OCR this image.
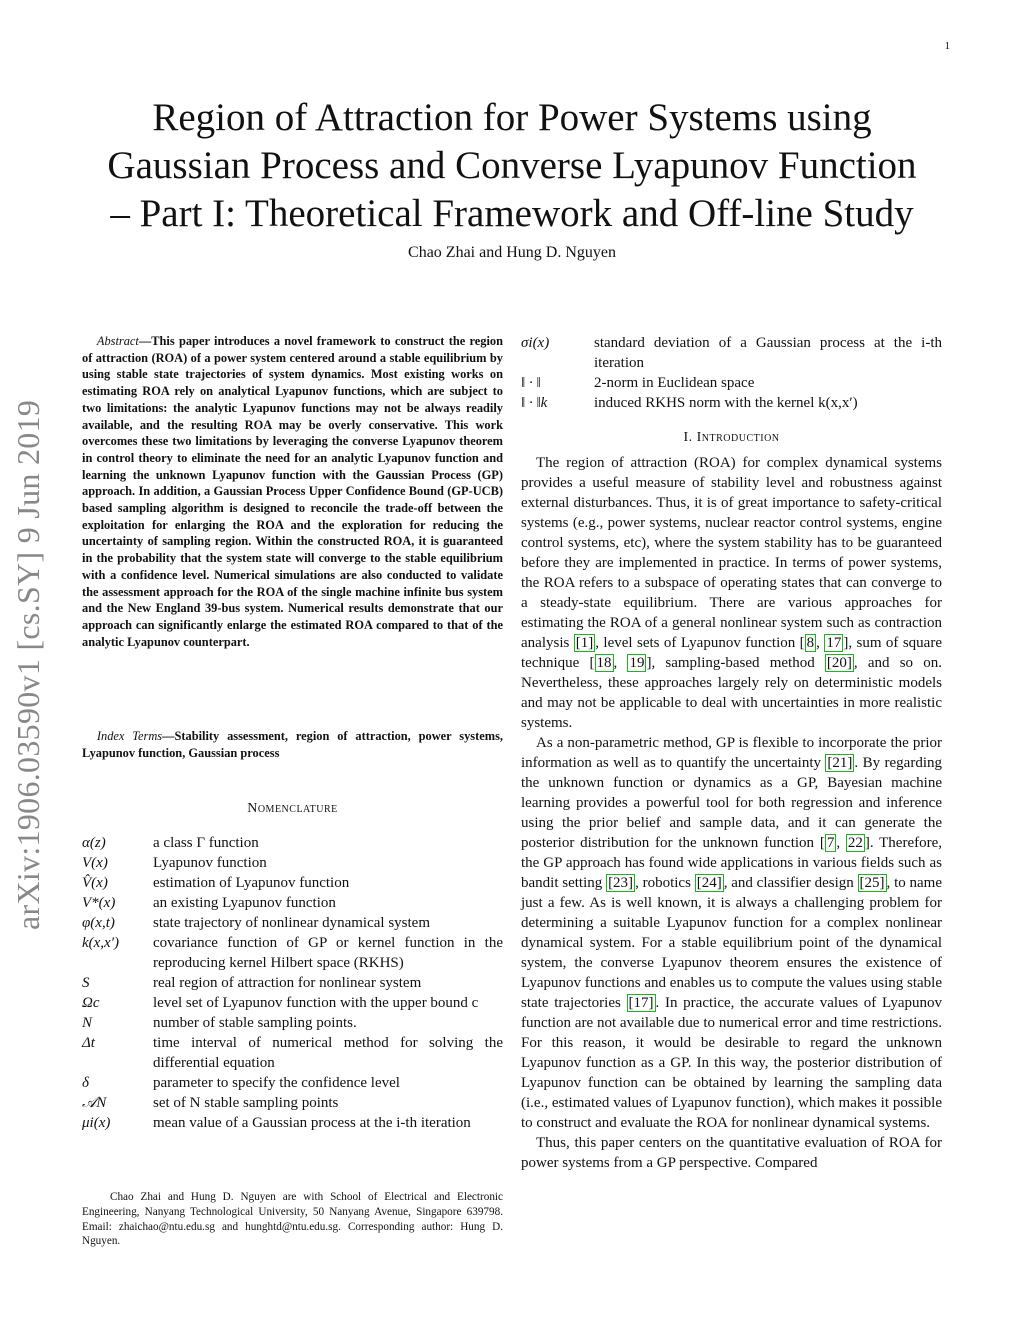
1
Region of Attraction for Power Systems using
Gaussian Process and Converse Lyapunov Function
– Part I: Theoretical Framework and Off-line Study
Chao Zhai and Hung D. Nguyen
arXiv:1906.03590v1 [cs.SY] 9 Jun 2019

Abstract—This paper introduces a novel framework to construct the region of attraction (ROA) of a power system centered around a stable equilibrium by using stable state trajectories of system dynamics. Most existing works on estimating ROA rely on analytical Lyapunov functions, which are subject to two limitations: the analytic Lyapunov functions may not be always readily available, and the resulting ROA may be overly conservative. This work overcomes these two limitations by leveraging the converse Lyapunov theorem in control theory to eliminate the need for an analytic Lyapunov function and learning the unknown Lyapunov function with the Gaussian Process (GP) approach. In addition, a Gaussian Process Upper Confidence Bound (GP-UCB) based sampling algorithm is designed to reconcile the trade-off between the exploitation for enlarging the ROA and the exploration for reducing the uncertainty of sampling region. Within the constructed ROA, it is guaranteed in the probability that the system state will converge to the stable equilibrium with a confidence level. Numerical simulations are also conducted to validate the assessment approach for the ROA of the single machine infinite bus system and the New England 39-bus system. Numerical results demonstrate that our approach can significantly enlarge the estimated ROA compared to that of the analytic Lyapunov counterpart.

Index Terms—Stability assessment, region of attraction, power systems, Lyapunov function, Gaussian process

Nomenclature
α(z)	a class Γ function
V(x)	Lyapunov function
V̂(x)	estimation of Lyapunov function
V*(x)	an existing Lyapunov function
φ(x,t)	state trajectory of nonlinear dynamical system
k(x,x′)	covariance function of GP or kernel function in the reproducing kernel Hilbert space (RKHS)
S	real region of attraction for nonlinear system
Ωc	level set of Lyapunov function with the upper bound c
N	number of stable sampling points.
Δt	time interval of numerical method for solving the differential equation
δ	parameter to specify the confidence level
𝒜N	set of N stable sampling points
μi(x)	mean value of a Gaussian process at the i-th iteration

Chao Zhai and Hung D. Nguyen are with School of Electrical and Electronic Engineering, Nanyang Technological University, 50 Nanyang Avenue, Singapore 639798. Email: zhaichao@ntu.edu.sg and hunghtd@ntu.edu.sg. Corresponding author: Hung D. Nguyen.

σi(x)	standard deviation of a Gaussian process at the i-th iteration
‖ · ‖	2-norm in Euclidean space
‖ · ‖k	induced RKHS norm with the kernel k(x,x′)
I. Introduction

The region of attraction (ROA) for complex dynamical systems provides a useful measure of stability level and robustness against external disturbances. Thus, it is of great importance to safety-critical systems (e.g., power systems, nuclear reactor control systems, engine control systems, etc), where the system stability has to be guaranteed before they are implemented in practice. In terms of power systems, the ROA refers to a subspace of operating states that can converge to a steady-state equilibrium. There are various approaches for estimating the ROA of a general nonlinear system such as contraction analysis [1] , level sets of Lyapunov function [ 8 , 17 ], sum of square technique [ 18 , 19 ], sampling-based method [20] , and so on. Nevertheless, these approaches largely rely on deterministic models and may not be applicable to deal with uncertainties in more realistic systems.

As a non-parametric method, GP is flexible to incorporate the prior information as well as to quantify the uncertainty [21] . By regarding the unknown function or dynamics as a GP, Bayesian machine learning provides a powerful tool for both regression and inference using the prior belief and sample data, and it can generate the posterior distribution for the unknown function [ 7 , 22 ]. Therefore, the GP approach has found wide applications in various fields such as bandit setting [23] , robotics [24] , and classifier design [25] , to name just a few. As is well known, it is always a challenging problem for determining a suitable Lyapunov function for a complex nonlinear dynamical system. For a stable equilibrium point of the dynamical system, the converse Lyapunov theorem ensures the existence of Lyapunov functions and enables us to compute the values using stable state trajectories [17] . In practice, the accurate values of Lyapunov function are not available due to numerical error and time restrictions. For this reason, it would be desirable to regard the unknown Lyapunov function as a GP. In this way, the posterior distribution of Lyapunov function can be obtained by learning the sampling data (i.e., estimated values of Lyapunov function), which makes it possible to construct and evaluate the ROA for nonlinear dynamical systems.

Thus, this paper centers on the quantitative evaluation of ROA for power systems from a GP perspective. Compared
